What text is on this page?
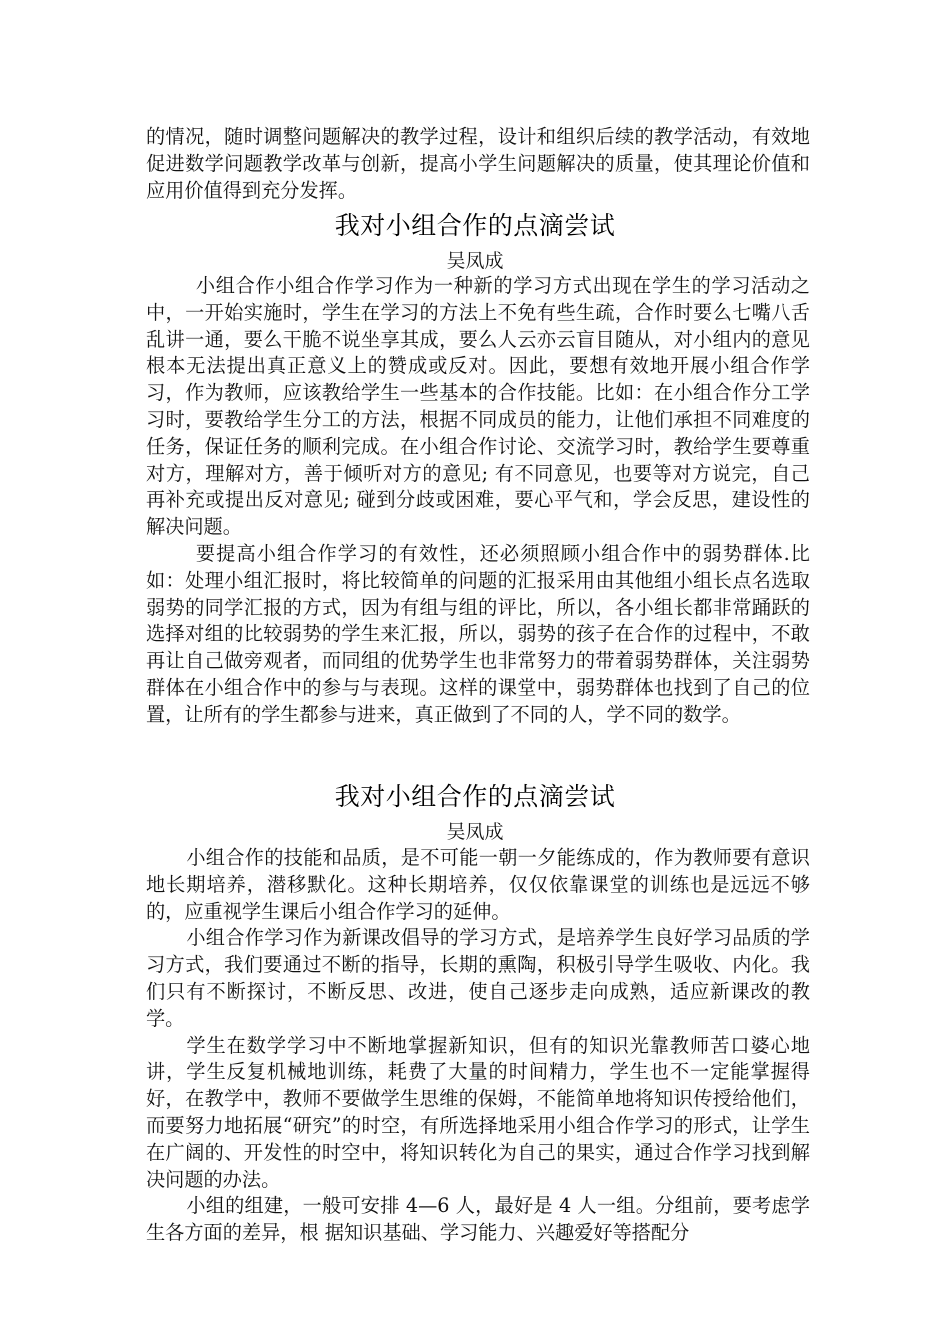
的情况，随时调整问题解决的教学过程，设计和组织后续的教学活动，有效地促进数学问题教学改革与创新，提高小学生问题解决的质量，使其理论价值和应用价值得到充分发挥。

我对小组合作的点滴尝试
吴凤成

小组合作小组合作学习作为一种新的学习方式出现在学生的学习活动之中，一开始实施时，学生在学习的方法上不免有些生疏，合作时要么七嘴八舌乱讲一通，要么干脆不说坐享其成，要么人云亦云盲目随从，对小组内的意见根本无法提出真正意义上的赞成或反对。因此，要想有效地开展小组合作学习，作为教师，应该教给学生一些基本的合作技能。比如：在小组合作分工学习时，要教给学生分工的方法，根据不同成员的能力，让他们承担不同难度的任务，保证任务的顺利完成。在小组合作讨论、交流学习时，教给学生要尊重对方，理解对方，善于倾听对方的意见; 有不同意见，也要等对方说完，自己再补充或提出反对意见; 碰到分歧或困难，要心平气和，学会反思，建设性的解决问题。

要提高小组合作学习的有效性，还必须照顾小组合作中的弱势群体.比如：处理小组汇报时，将比较简单的问题的汇报采用由其他组小组长点名选取弱势的同学汇报的方式，因为有组与组的评比，所以，各小组长都非常踊跃的选择对组的比较弱势的学生来汇报，所以，弱势的孩子在合作的过程中，不敢再让自己做旁观者，而同组的优势学生也非常努力的带着弱势群体，关注弱势群体在小组合作中的参与与表现。这样的课堂中，弱势群体也找到了自己的位置，让所有的学生都参与进来，真正做到了不同的人，学不同的数学。

我对小组合作的点滴尝试
吴凤成

小组合作的技能和品质，是不可能一朝一夕能练成的，作为教师要有意识地长期培养，潜移默化。这种长期培养，仅仅依靠课堂的训练也是远远不够的，应重视学生课后小组合作学习的延伸。

小组合作学习作为新课改倡导的学习方式，是培养学生良好学习品质的学习方式，我们要通过不断的指导，长期的熏陶，积极引导学生吸收、内化。我们只有不断探讨，不断反思、改进，使自己逐步走向成熟，适应新课改的教学。

学生在数学学习中不断地掌握新知识，但有的知识光靠教师苦口婆心地讲，学生反复机械地训练，耗费了大量的时间精力，学生也不一定能掌握得好，在教学中，教师不要做学生思维的保姆，不能简单地将知识传授给他们，而要努力地拓展“研究”的时空，有所选择地采用小组合作学习的形式，让学生在广阔的、开发性的时空中，将知识转化为自己的果实，通过合作学习找到解决问题的办法。

小组的组建，一般可安排 4—6 人，最好是 4 人一组。分组前，要考虑学生各方面的差异，根 据知识基础、学习能力、兴趣爱好等搭配分
